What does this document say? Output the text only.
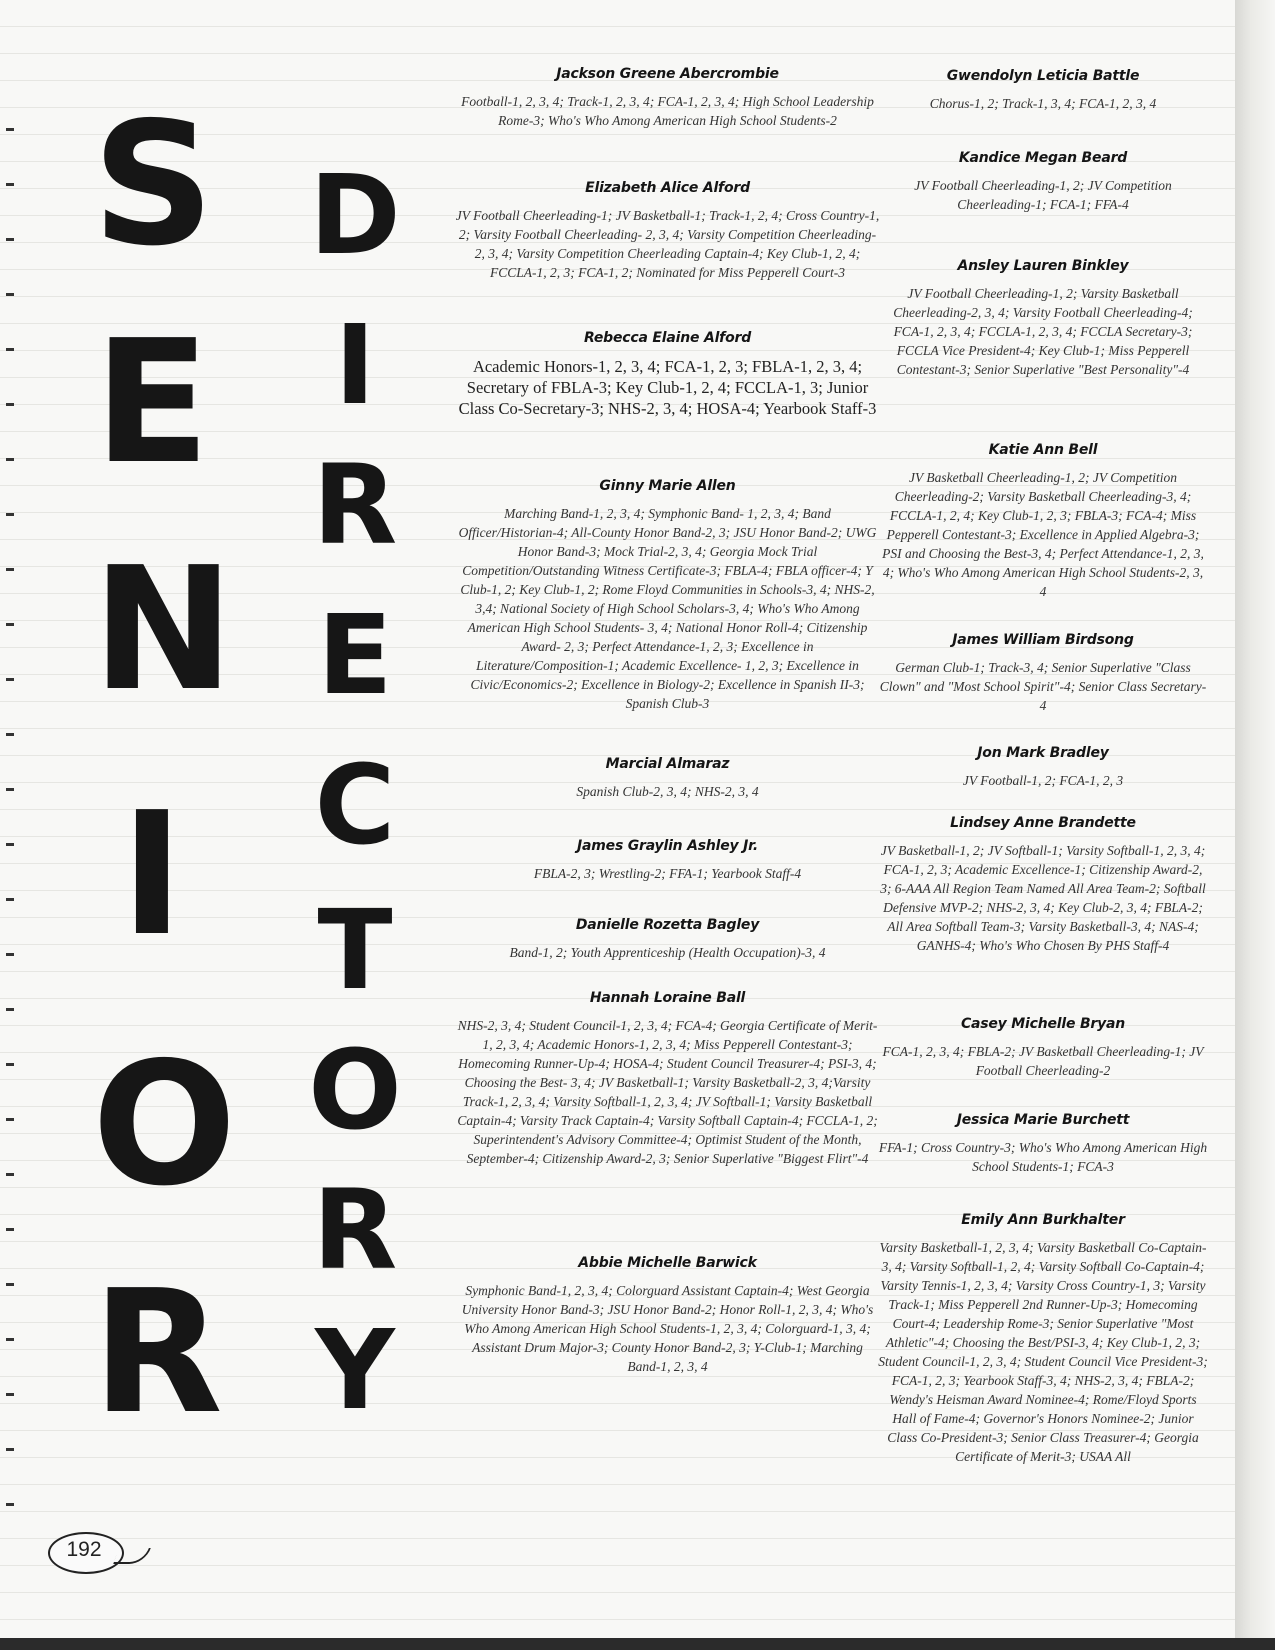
S
E
N
I
O
R
D
I
R
E
C
T
O
R
Y
Jackson Greene Abercrombie
Football-1, 2, 3, 4; Track-1, 2, 3, 4; FCA-1, 2, 3, 4; High School Leadership Rome-3; Who's Who Among American High School Students-2
Elizabeth Alice Alford
JV Football Cheerleading-1; JV Basketball-1; Track-1, 2, 4; Cross Country-1, 2; Varsity Football Cheerleading- 2, 3, 4; Varsity Competition Cheerleading-2, 3, 4; Varsity Competition Cheerleading Captain-4; Key Club-1, 2, 4; FCCLA-1, 2, 3; FCA-1, 2; Nominated for Miss Pepperell Court-3
Rebecca Elaine Alford
Academic Honors-1, 2, 3, 4; FCA-1, 2, 3; FBLA-1, 2, 3, 4; Secretary of FBLA-3; Key Club-1, 2, 4; FCCLA-1, 3; Junior Class Co-Secretary-3; NHS-2, 3, 4; HOSA-4; Yearbook Staff-3
Ginny Marie Allen
Marching Band-1, 2, 3, 4; Symphonic Band- 1, 2, 3, 4; Band Officer/Historian-4; All-County Honor Band-2, 3; JSU Honor Band-2; UWG Honor Band-3; Mock Trial-2, 3, 4; Georgia Mock Trial Competition/Outstanding Witness Certificate-3; FBLA-4; FBLA officer-4; Y Club-1, 2; Key Club-1, 2; Rome Floyd Communities in Schools-3, 4; NHS-2, 3,4; National Society of High School Scholars-3, 4; Who's Who Among American High School Students- 3, 4; National Honor Roll-4; Citizenship Award- 2, 3; Perfect Attendance-1, 2, 3; Excellence in Literature/Composition-1; Academic Excellence- 1, 2, 3; Excellence in Civic/Economics-2; Excellence in Biology-2; Excellence in Spanish II-3; Spanish Club-3
Marcial Almaraz
Spanish Club-2, 3, 4; NHS-2, 3, 4
James Graylin Ashley Jr.
FBLA-2, 3; Wrestling-2; FFA-1; Yearbook Staff-4
Danielle Rozetta Bagley
Band-1, 2; Youth Apprenticeship (Health Occupation)-3, 4
Hannah Loraine Ball
NHS-2, 3, 4; Student Council-1, 2, 3, 4; FCA-4; Georgia Certificate of Merit-1, 2, 3, 4; Academic Honors-1, 2, 3, 4; Miss Pepperell Contestant-3; Homecoming Runner-Up-4; HOSA-4; Student Council Treasurer-4; PSI-3, 4; Choosing the Best- 3, 4; JV Basketball-1; Varsity Basketball-2, 3, 4;Varsity Track-1, 2, 3, 4; Varsity Softball-1, 2, 3, 4; JV Softball-1; Varsity Basketball Captain-4; Varsity Track Captain-4; Varsity Softball Captain-4; FCCLA-1, 2; Superintendent's Advisory Committee-4; Optimist Student of the Month, September-4; Citizenship Award-2, 3; Senior Superlative "Biggest Flirt"-4
Abbie Michelle Barwick
Symphonic Band-1, 2, 3, 4; Colorguard Assistant Captain-4; West Georgia University Honor Band-3; JSU Honor Band-2; Honor Roll-1, 2, 3, 4; Who's Who Among American High School Students-1, 2, 3, 4; Colorguard-1, 3, 4; Assistant Drum Major-3; County Honor Band-2, 3; Y-Club-1; Marching Band-1, 2, 3, 4
Gwendolyn Leticia Battle
Chorus-1, 2; Track-1, 3, 4; FCA-1, 2, 3, 4
Kandice Megan Beard
JV Football Cheerleading-1, 2; JV Competition Cheerleading-1; FCA-1; FFA-4
Ansley Lauren Binkley
JV Football Cheerleading-1, 2; Varsity Basketball Cheerleading-2, 3, 4; Varsity Football Cheerleading-4; FCA-1, 2, 3, 4; FCCLA-1, 2, 3, 4; FCCLA Secretary-3; FCCLA Vice President-4; Key Club-1; Miss Pepperell Contestant-3; Senior Superlative "Best Personality"-4
Katie Ann Bell
JV Basketball Cheerleading-1, 2; JV Competition Cheerleading-2; Varsity Basketball Cheerleading-3, 4; FCCLA-1, 2, 4; Key Club-1, 2, 3; FBLA-3; FCA-4; Miss Pepperell Contestant-3; Excellence in Applied Algebra-3; PSI and Choosing the Best-3, 4; Perfect Attendance-1, 2, 3, 4; Who's Who Among American High School Students-2, 3, 4
James William Birdsong
German Club-1; Track-3, 4; Senior Superlative "Class Clown" and "Most School Spirit"-4; Senior Class Secretary-4
Jon Mark Bradley
JV Football-1, 2; FCA-1, 2, 3
Lindsey Anne Brandette
JV Basketball-1, 2; JV Softball-1; Varsity Softball-1, 2, 3, 4; FCA-1, 2, 3; Academic Excellence-1; Citizenship Award-2, 3; 6-AAA All Region Team Named All Area Team-2; Softball Defensive MVP-2; NHS-2, 3, 4; Key Club-2, 3, 4; FBLA-2; All Area Softball Team-3; Varsity Basketball-3, 4; NAS-4; GANHS-4; Who's Who Chosen By PHS Staff-4
Casey Michelle Bryan
FCA-1, 2, 3, 4; FBLA-2; JV Basketball Cheerleading-1; JV Football Cheerleading-2
Jessica Marie Burchett
FFA-1; Cross Country-3; Who's Who Among American High School Students-1; FCA-3
Emily Ann Burkhalter
Varsity Basketball-1, 2, 3, 4; Varsity Basketball Co-Captain-3, 4; Varsity Softball-1, 2, 4; Varsity Softball Co-Captain-4; Varsity Tennis-1, 2, 3, 4; Varsity Cross Country-1, 3; Varsity Track-1; Miss Pepperell 2nd Runner-Up-3; Homecoming Court-4; Leadership Rome-3; Senior Superlative "Most Athletic"-4; Choosing the Best/PSI-3, 4; Key Club-1, 2, 3; Student Council-1, 2, 3, 4; Student Council Vice President-3; FCA-1, 2, 3; Yearbook Staff-3, 4; NHS-2, 3, 4; FBLA-2; Wendy's Heisman Award Nominee-4; Rome/Floyd Sports Hall of Fame-4; Governor's Honors Nominee-2; Junior Class Co-President-3; Senior Class Treasurer-4; Georgia Certificate of Merit-3; USAA All
192
